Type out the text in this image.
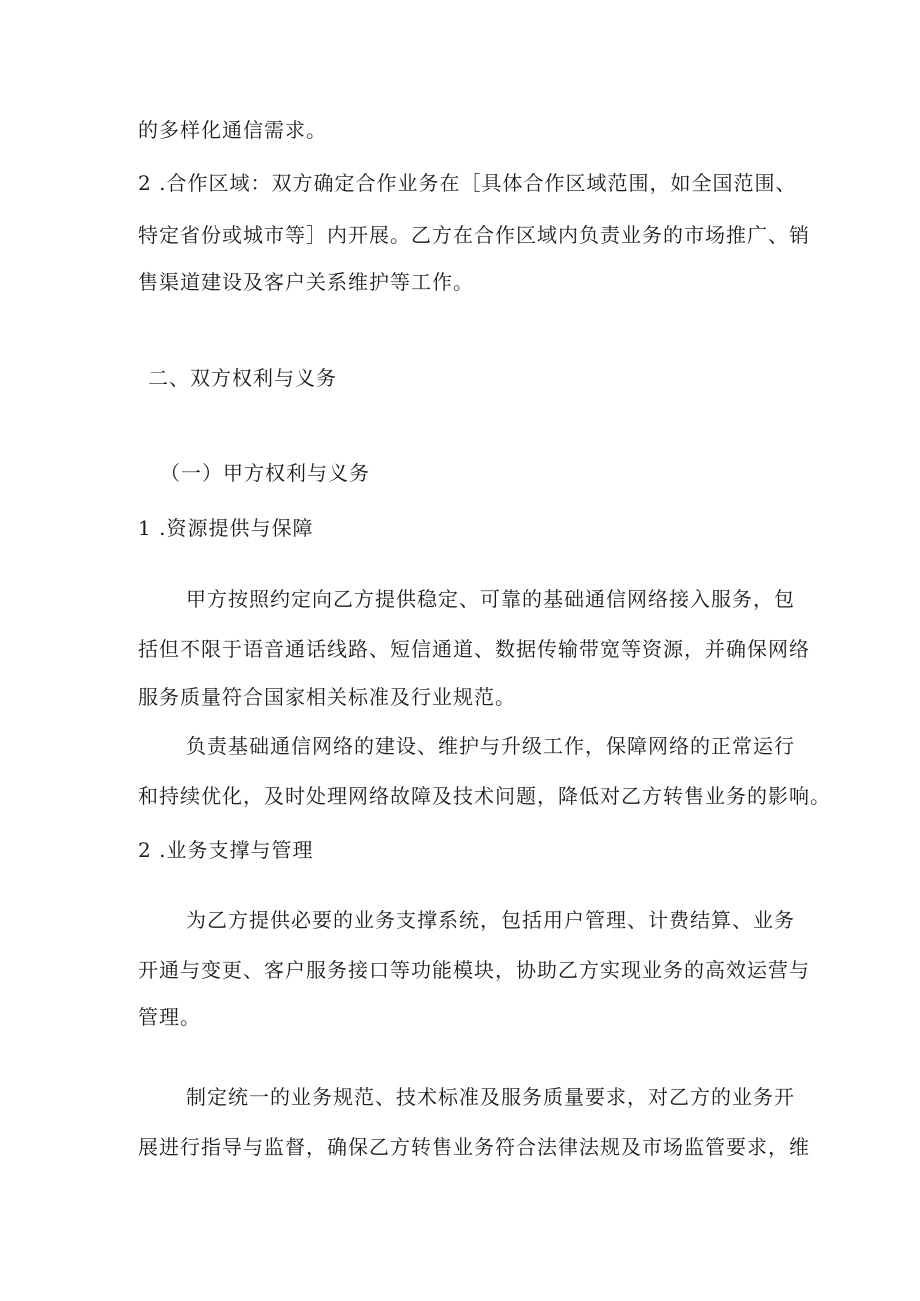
的多样化通信需求。
2 .合作区域：双方确定合作业务在［具体合作区域范围，如全国范围、
特定省份或城市等］内开展。乙方在合作区域内负责业务的市场推广、销
售渠道建设及客户关系维护等工作。
二、双方权利与义务
（一）甲方权利与义务
1 .资源提供与保障
甲方按照约定向乙方提供稳定、可靠的基础通信网络接入服务，包
括但不限于语音通话线路、短信通道、数据传输带宽等资源，并确保网络
服务质量符合国家相关标准及行业规范。
负责基础通信网络的建设、维护与升级工作，保障网络的正常运行
和持续优化，及时处理网络故障及技术问题，降低对乙方转售业务的影响。
2 .业务支撑与管理
为乙方提供必要的业务支撑系统，包括用户管理、计费结算、业务
开通与变更、客户服务接口等功能模块，协助乙方实现业务的高效运营与
管理。
制定统一的业务规范、技术标准及服务质量要求，对乙方的业务开
展进行指导与监督，确保乙方转售业务符合法律法规及市场监管要求，维
